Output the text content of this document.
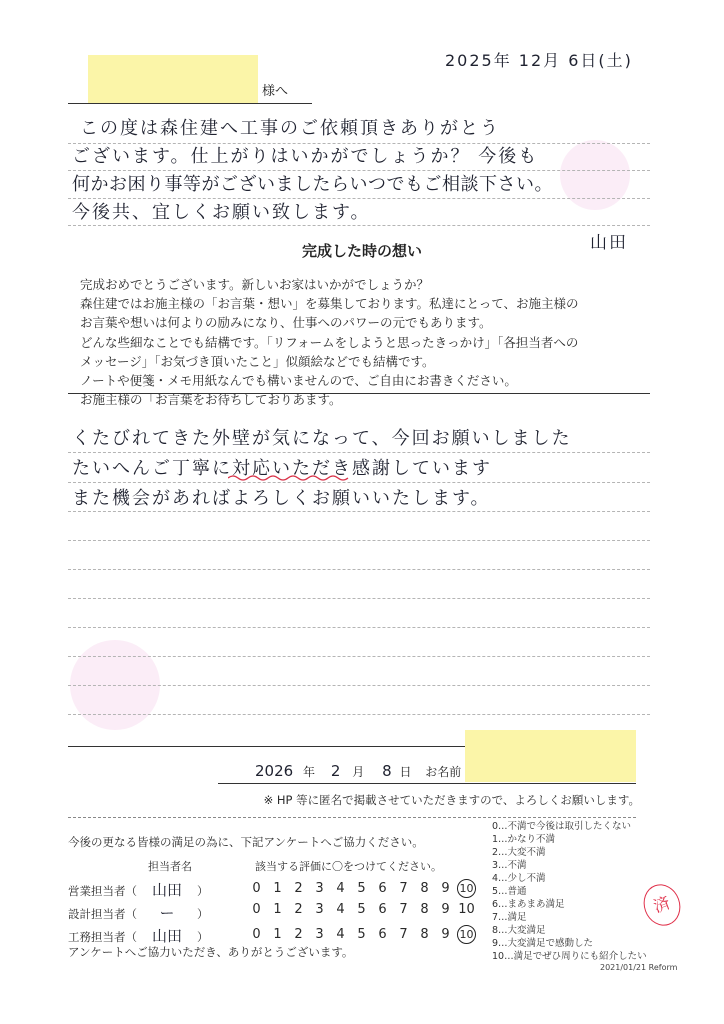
2025年 12月 6日(土)
様へ
この度は森住建へ工事のご依頼頂きありがとう
ございます。仕上がりはいかがでしょうか？ 今後も
何かお困り事等がございましたらいつでもご相談下さい。
今後共、宜しくお願い致します。
山田
完成した時の想い
完成おめでとうございます。新しいお家はいかがでしょうか？
森住建ではお施主様の「お言葉・想い」を募集しております。私達にとって、お施主様の
お言葉や想いは何よりの励みになり、仕事へのパワーの元でもあります。
どんな些細なことでも結構です。「リフォームをしようと思ったきっかけ」「各担当者への
メッセージ」「お気づき頂いたこと」似顔絵などでも結構です。
ノートや便箋・メモ用紙なんでも構いませんので、ご自由にお書きください。
お施主様の「お言葉をお待ちしておりあます。
くたびれてきた外壁が気になって、今回お願いしました
たいへんご丁寧に対応いただき感謝しています
また機会があればよろしくお願いいたします。
2026 年 2 月 8 日 お名前
※ HP 等に匿名で掲載させていただきますので、よろしくお願いします。
今後の更なる皆様の満足の為に、下記アンケートへご協力ください。
担当者名	該当する評価に〇をつけてください。
営業担当者（ 山田 ）	0 1 2 3 4 5 6 7 8 9 10
設計担当者（ ー ）	0 1 2 3 4 5 6 7 8 9 10
工務担当者（ 山田 ）	0 1 2 3 4 5 6 7 8 9 10
アンケートへご協力いただき、ありがとうございます。
0…不満で今後は取引したくない
1…かなり不満
2…大変不満
3…不満
4…少し不満
5…普通
6…まあまあ満足
7…満足
8…大変満足
9…大変満足で感動した
10…満足でぜひ周りにも紹介したい
済
2021/01/21 Reform
